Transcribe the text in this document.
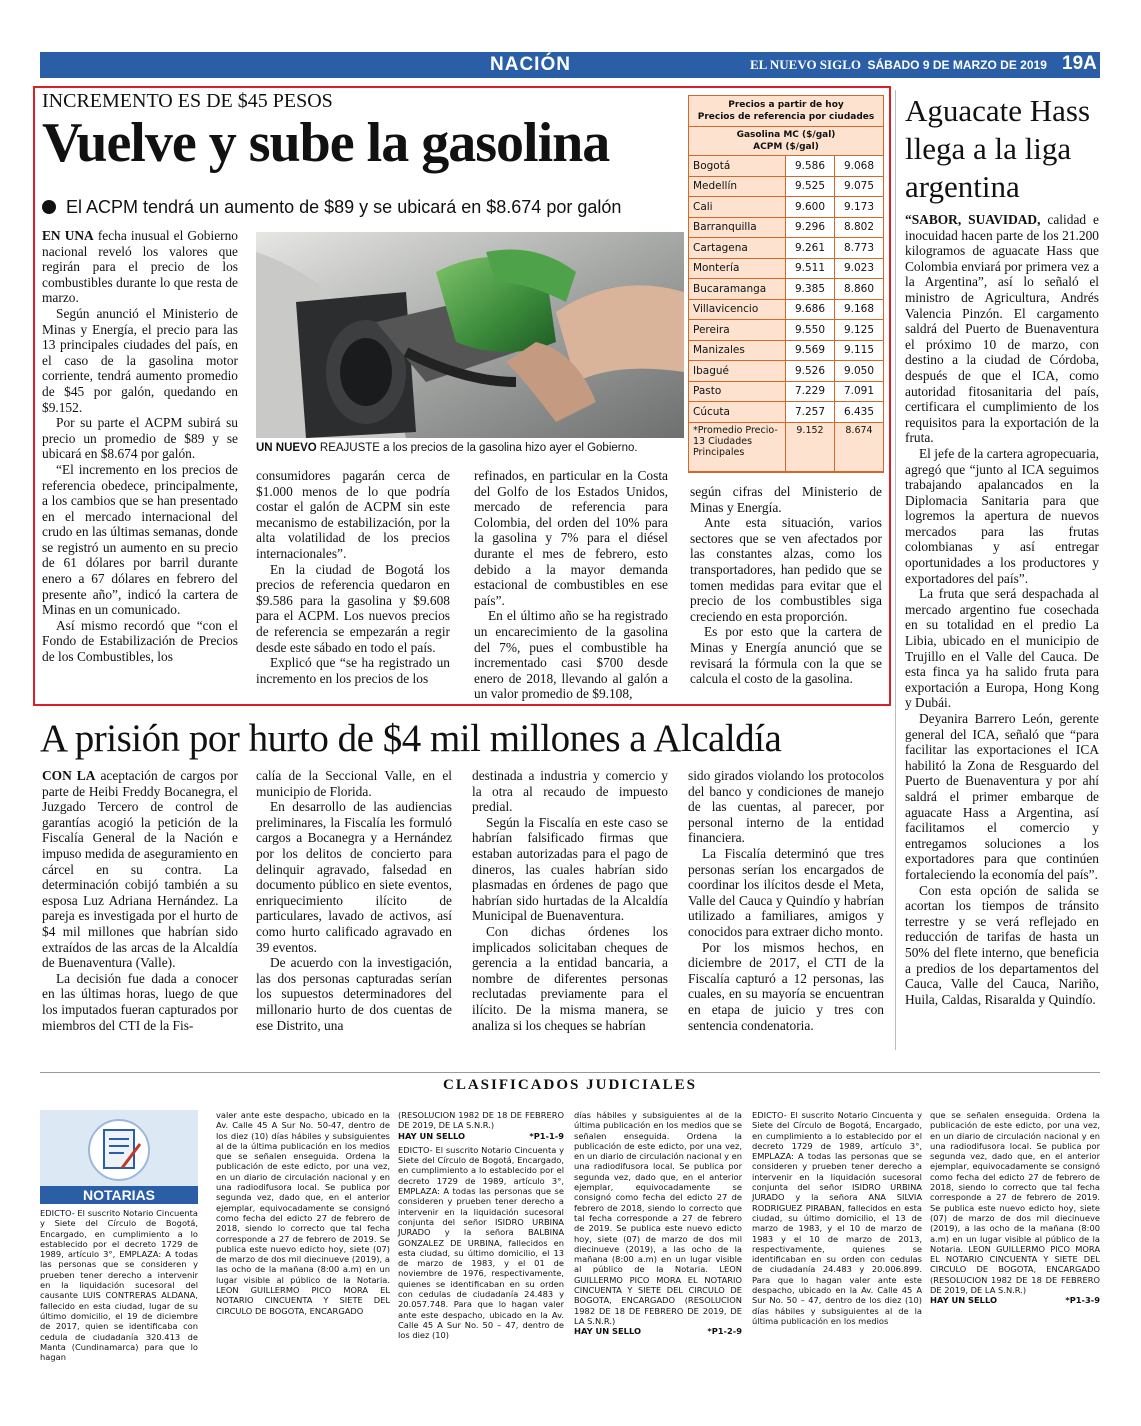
NACIÓN	EL NUEVO SIGLO SÁBADO 9 DE MARZO DE 2019 19A
INCREMENTO ES DE $45 PESOS
Vuelve y sube la gasolina
El ACPM tendrá un aumento de $89 y se ubicará en $8.674 por galón

EN UNA fecha inusual el Gobierno nacional reveló los valores que regirán para el precio de los combustibles durante lo que resta de marzo.

Según anunció el Ministerio de Minas y Energía, el precio para las 13 principales ciudades del país, en el caso de la gasolina motor corriente, tendrá aumento promedio de $45 por galón, quedando en $9.152.

Por su parte el ACPM subirá su precio un promedio de $89 y se ubicará en $8.674 por galón.

“El incremento en los precios de referencia obedece, principalmente, a los cambios que se han presentado en el mercado internacional del crudo en las últimas semanas, donde se registró un aumento en su precio de 61 dólares por barril durante enero a 67 dólares en febrero del presente año”, indicó la cartera de Minas en un comunicado.

Así mismo recordó que “con el Fondo de Estabilización de Precios de los Combustibles, los

UN NUEVO REAJUSTE a los precios de la gasolina hizo ayer el Gobierno.

consumidores pagarán cerca de $1.000 menos de lo que podría costar el galón de ACPM sin este mecanismo de estabilización, por la alta volatilidad de los precios internacionales”.

En la ciudad de Bogotá los precios de referencia quedaron en $9.586 para la gasolina y $9.608 para el ACPM. Los nuevos precios de referencia se empezarán a regir desde este sábado en todo el país.

Explicó que “se ha registrado un incremento en los precios de los

refinados, en particular en la Costa del Golfo de los Estados Unidos, mercado de referencia para Colombia, del orden del 10% para la gasolina y 7% para el diésel durante el mes de febrero, esto debido a la mayor demanda estacional de combustibles en ese país”.

En el último año se ha registrado un encarecimiento de la gasolina del 7%, pues el combustible ha incrementado casi $700 desde enero de 2018, llevando al galón a un valor promedio de $9.108,

según cifras del Ministerio de Minas y Energía.

Ante esta situación, varios sectores que se ven afectados por las constantes alzas, como los transportadores, han pedido que se tomen medidas para evitar que el precio de los combustibles siga creciendo en esta proporción.

Es por esto que la cartera de Minas y Energía anunció que se revisará la fórmula con la que se calcula el costo de la gasolina.

Precios a partir de hoy
Precios de referencia por ciudades
Gasolina MC ($/gal)
ACPM ($/gal)
Bogotá	9.586	9.068
Medellín	9.525	9.075
Cali	9.600	9.173
Barranquilla	9.296	8.802
Cartagena	9.261	8.773
Montería	9.511	9.023
Bucaramanga	9.385	8.860
Villavicencio	9.686	9.168
Pereira	9.550	9.125
Manizales	9.569	9.115
Ibagué	9.526	9.050
Pasto	7.229	7.091
Cúcuta	7.257	6.435
*Promedio Precio-13 Ciudades Principales	9.152	8.674
Aguacate Hass llega a la liga argentina

“SABOR, SUAVIDAD, calidad e inocuidad hacen parte de los 21.200 kilogramos de aguacate Hass que Colombia enviará por primera vez a la Argentina”, así lo señaló el ministro de Agricultura, Andrés Valencia Pinzón. El cargamento saldrá del Puerto de Buenaventura el próximo 10 de marzo, con destino a la ciudad de Córdoba, después de que el ICA, como autoridad fitosanitaria del país, certificara el cumplimiento de los requisitos para la exportación de la fruta.

El jefe de la cartera agropecuaria, agregó que “junto al ICA seguimos trabajando apalancados en la Diplomacia Sanitaria para que logremos la apertura de nuevos mercados para las frutas colombianas y así entregar oportunidades a los productores y exportadores del país”.

La fruta que será despachada al mercado argentino fue cosechada en su totalidad en el predio La Libia, ubicado en el municipio de Trujillo en el Valle del Cauca. De esta finca ya ha salido fruta para exportación a Europa, Hong Kong y Dubái.

Deyanira Barrero León, gerente general del ICA, señaló que “para facilitar las exportaciones el ICA habilitó la Zona de Resguardo del Puerto de Buenaventura y por ahí saldrá el primer embarque de aguacate Hass a Argentina, así facilitamos el comercio y entregamos soluciones a los exportadores para que continúen fortaleciendo la economía del país”.

Con esta opción de salida se acortan los tiempos de tránsito terrestre y se verá reflejado en reducción de tarifas de hasta un 50% del flete interno, que beneficia a predios de los departamentos del Cauca, Valle del Cauca, Nariño, Huila, Caldas, Risaralda y Quindío.

A prisión por hurto de $4 mil millones a Alcaldía

CON LA aceptación de cargos por parte de Heibi Freddy Bocanegra, el Juzgado Tercero de control de garantías acogió la petición de la Fiscalía General de la Nación e impuso medida de aseguramiento en cárcel en su contra. La determinación cobijó también a su esposa Luz Adriana Hernández. La pareja es investigada por el hurto de $4 mil millones que habrían sido extraídos de las arcas de la Alcaldía de Buenaventura (Valle).

La decisión fue dada a conocer en las últimas horas, luego de que los imputados fueran capturados por miembros del CTI de la Fis-

calía de la Seccional Valle, en el municipio de Florida.

En desarrollo de las audiencias preliminares, la Fiscalía les formuló cargos a Bocanegra y a Hernández por los delitos de concierto para delinquir agravado, falsedad en documento público en siete eventos, enriquecimiento ilícito de particulares, lavado de activos, así como hurto calificado agravado en 39 eventos.

De acuerdo con la investigación, las dos personas capturadas serían los supuestos determinadores del millonario hurto de dos cuentas de ese Distrito, una

destinada a industria y comercio y la otra al recaudo de impuesto predial.

Según la Fiscalía en este caso se habrían falsificado firmas que estaban autorizadas para el pago de dineros, las cuales habrían sido plasmadas en órdenes de pago que habrían sido hurtadas de la Alcaldía Municipal de Buenaventura.

Con dichas órdenes los implicados solicitaban cheques de gerencia a la entidad bancaria, a nombre de diferentes personas reclutadas previamente para el ilícito. De la misma manera, se analiza si los cheques se habrían

sido girados violando los protocolos del banco y condiciones de manejo de las cuentas, al parecer, por personal interno de la entidad financiera.

La Fiscalía determinó que tres personas serían los encargados de coordinar los ilícitos desde el Meta, Valle del Cauca y Quindío y habrían utilizado a familiares, amigos y conocidos para extraer dicho monto.

Por los mismos hechos, en diciembre de 2017, el CTI de la Fiscalía capturó a 12 personas, las cuales, en su mayoría se encuentran en etapa de juicio y tres con sentencia condenatoria.

CLASIFICADOS JUDICIALES
NOTARIAS

EDICTO- El suscrito Notario Cincuenta y Siete del Círculo de Bogotá, Encargado, en cumplimiento a lo establecido por el decreto 1729 de 1989, artículo 3°, EMPLAZA: A todas las personas que se consideren y prueben tener derecho a intervenir en la liquidación sucesoral del causante LUIS CONTRERAS ALDANA, fallecido en esta ciudad, lugar de su último domicilio, el 19 de diciembre de 2017, quien se identificaba con cedula de ciudadanía 320.413 de Manta (Cundinamarca) para que lo hagan

valer ante este despacho, ubicado en la Av. Calle 45 A Sur No. 50-47, dentro de los diez (10) días hábiles y subsiguientes al de la última publicación en los medios que se señalen enseguida. Ordena la publicación de este edicto, por una vez, en un diario de circulación nacional y en una radiodifusora local. Se publica por segunda vez, dado que, en el anterior ejemplar, equivocadamente se consignó como fecha del edicto 27 de febrero de 2018, siendo lo correcto que tal fecha corresponde a 27 de febrero de 2019. Se publica este nuevo edicto hoy, siete (07) de marzo de dos mil diecinueve (2019), a las ocho de la mañana (8:00 a.m) en un lugar visible al público de la Notaria. LEON GUILLERMO PICO MORA EL NOTARIO CINCUENTA Y SIETE DEL CIRCULO DE BOGOTA, ENCARGADO

(RESOLUCION 1982 DE 18 DE FEBRERO DE 2019, DE LA S.N.R.)

HAY UN SELLO	*P1-1-9

EDICTO- El suscrito Notario Cincuenta y Siete del Círculo de Bogotá, Encargado, en cumplimiento a lo establecido por el decreto 1729 de 1989, artículo 3°, EMPLAZA: A todas las personas que se consideren y prueben tener derecho a intervenir en la liquidación sucesoral conjunta del señor ISIDRO URBINA JURADO y la señora BALBINA GONZALEZ DE URBINA, fallecidos en esta ciudad, su último domicilio, el 13 de marzo de 1983, y el 01 de noviembre de 1976, respectivamente, quienes se identificaban en su orden con cedulas de ciudadanía 24.483 y 20.057.748. Para que lo hagan valer ante este despacho, ubicado en la Av. Calle 45 A Sur No. 50 – 47, dentro de los diez (10)

días hábiles y subsiguientes al de la última publicación en los medios que se señalen enseguida. Ordena la publicación de este edicto, por una vez, en un diario de circulación nacional y en una radiodifusora local. Se publica por segunda vez, dado que, en el anterior ejemplar, equivocadamente se consignó como fecha del edicto 27 de febrero de 2018, siendo lo correcto que tal fecha corresponde a 27 de febrero de 2019. Se publica este nuevo edicto hoy, siete (07) de marzo de dos mil diecinueve (2019), a las ocho de la mañana (8:00 a.m) en un lugar visible al público de la Notaria. LEON GUILLERMO PICO MORA EL NOTARIO CINCUENTA Y SIETE DEL CIRCULO DE BOGOTA, ENCARGADO (RESOLUCION 1982 DE 18 DE FEBRERO DE 2019, DE LA S.N.R.)

HAY UN SELLO	*P1-2-9

EDICTO- El suscrito Notario Cincuenta y Siete del Círculo de Bogotá, Encargado, en cumplimiento a lo establecido por el decreto 1729 de 1989, artículo 3°, EMPLAZA: A todas las personas que se consideren y prueben tener derecho a intervenir en la liquidación sucesoral conjunta del señor ISIDRO URBINA JURADO y la señora ANA SILVIA RODRIGUEZ PIRABAN, fallecidos en esta ciudad, su último domicilio, el 13 de marzo de 1983, y el 10 de marzo de 1983 y el 10 de marzo de 2013, respectivamente, quienes se identificaban en su orden con cedulas de ciudadanía 24.483 y 20.006.899. Para que lo hagan valer ante este despacho, ubicado en la Av. Calle 45 A Sur No. 50 – 47, dentro de los diez (10) días hábiles y subsiguientes al de la última publicación en los medios

que se señalen enseguida. Ordena la publicación de este edicto, por una vez, en un diario de circulación nacional y en una radiodifusora local. Se publica por segunda vez, dado que, en el anterior ejemplar, equivocadamente se consignó como fecha del edicto 27 de febrero de 2018, siendo lo correcto que tal fecha corresponde a 27 de febrero de 2019. Se publica este nuevo edicto hoy, siete (07) de marzo de dos mil diecinueve (2019), a las ocho de la mañana (8:00 a.m) en un lugar visible al público de la Notaria. LEON GUILLERMO PICO MORA EL NOTARIO CINCUENTA Y SIETE DEL CIRCULO DE BOGOTA, ENCARGADO (RESOLUCION 1982 DE 18 DE FEBRERO DE 2019, DE LA S.N.R.)

HAY UN SELLO	*P1-3-9
